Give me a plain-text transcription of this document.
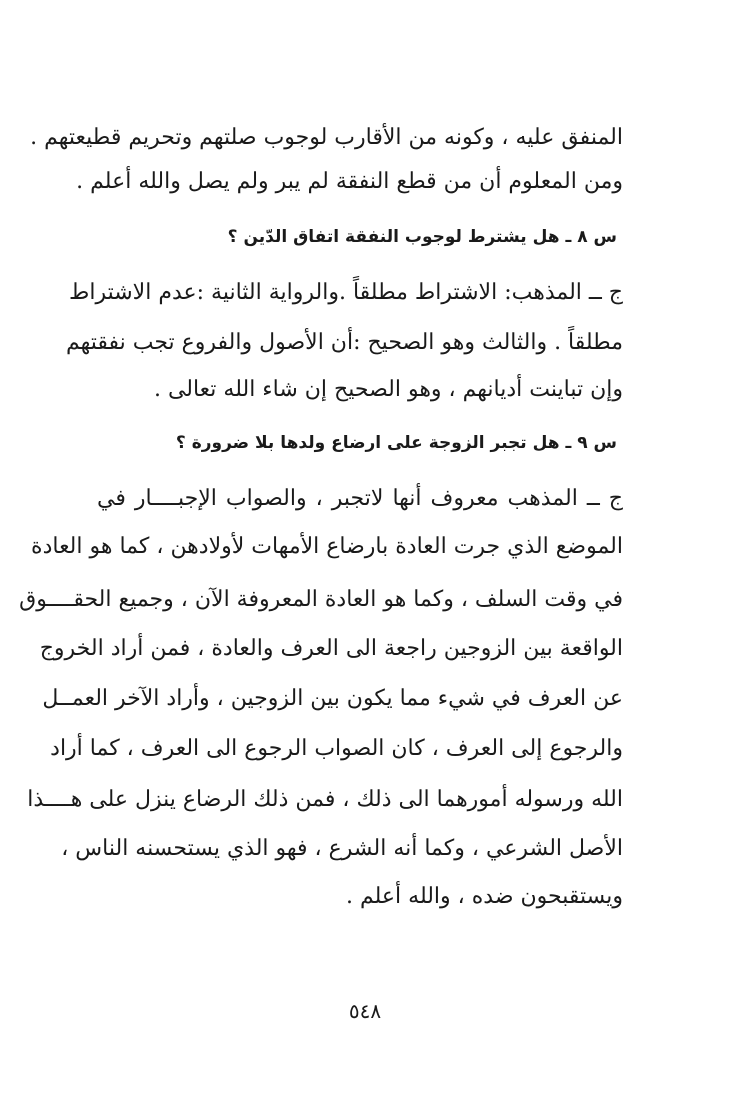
المنفق عليه ، وكونه من الأقارب لوجوب صلتهم وتحريم قطيعتهم .
ومن المعلوم أن من قطع النفقة لم يبر ولم يصل والله أعلم .
س ٨ ـ هل يشترط لوجوب النفقة اتفاق الدّين ؟
ج ــ المذهب: الاشتراط مطلقاً .والرواية الثانية :عدم الاشتراط
مطلقاً . والثالث وهو الصحيح :أن الأصول والفروع تجب نفقتهم
وإن تباينت أديانهم ، وهو الصحيح إن شاء الله تعالى .
س ٩ ـ هل تجبر الزوجة على ارضاع ولدها بلا ضرورة ؟
ج ــ المذهب معروف أنها لاتجبر ، والصواب الإجبــــار في
الموضع الذي جرت العادة بارضاع الأمهات لأولادهن ، كما هو العادة
في وقت السلف ، وكما هو العادة المعروفة الآن ، وجميع الحقــــوق
الواقعة بين الزوجين راجعة الى العرف والعادة ، فمن أراد الخروج
عن العرف في شيء مما يكون بين الزوجين ، وأراد الآخر العمــل
والرجوع إلى العرف ، كان الصواب الرجوع الى العرف ، كما أراد
الله ورسوله أمورهما الى ذلك ، فمن ذلك الرضاع ينزل على هــــذا
الأصل الشرعي ، وكما أنه الشرع ، فهو الذي يستحسنه الناس ،
ويستقبحون ضده ، والله أعلم .
٥٤٨
